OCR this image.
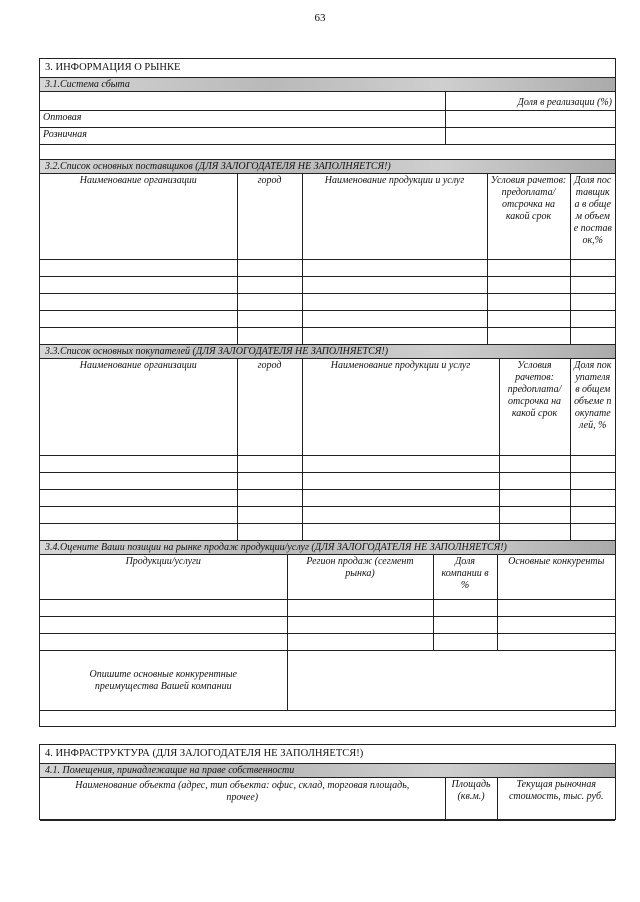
63
3. ИНФОРМАЦИЯ О РЫНКЕ
3.1.Система сбыта
	Доля в реализации (%)
Оптовая	
Розничная	
3.2.Список основных поставщиков (ДЛЯ ЗАЛОГОДАТЕЛЯ НЕ ЗАПОЛНЯЕТСЯ!)
Наименование организации	город	Наименование продукции и услуг	Условия рачетов: предоплата/ отсрочка на какой срок	Доля поставщика в общем объеме поставок,%

3.3.Список основных покупателей (ДЛЯ ЗАЛОГОДАТЕЛЯ НЕ ЗАПОЛНЯЕТСЯ!)
Наименование организации	город	Наименование продукции и услуг	Условия рачетов: предоплата/ отсрочка на какой срок	Доля покупателя в общем объеме покупателей, %

3.4.Оцените Ваши позиции на рынке продаж продукции/услуг (ДЛЯ ЗАЛОГОДАТЕЛЯ НЕ ЗАПОЛНЯЕТСЯ!)
Продукции/услуги	Регион продаж (сегмент рынка)	Доля компании в %	Основные конкуренты

Опишите основные конкурентные преимущества Вашей компании			
4. ИНФРАСТРУКТУРА (ДЛЯ ЗАЛОГОДАТЕЛЯ НЕ ЗАПОЛНЯЕТСЯ!)
4.1. Помещения, принадлежащие на праве собственности
Наименование объекта (адрес, тип объекта: офис, склад, торговая площадь, прочее)	Площадь (кв.м.)	Текущая рыночная стоимость, тыс. руб.
